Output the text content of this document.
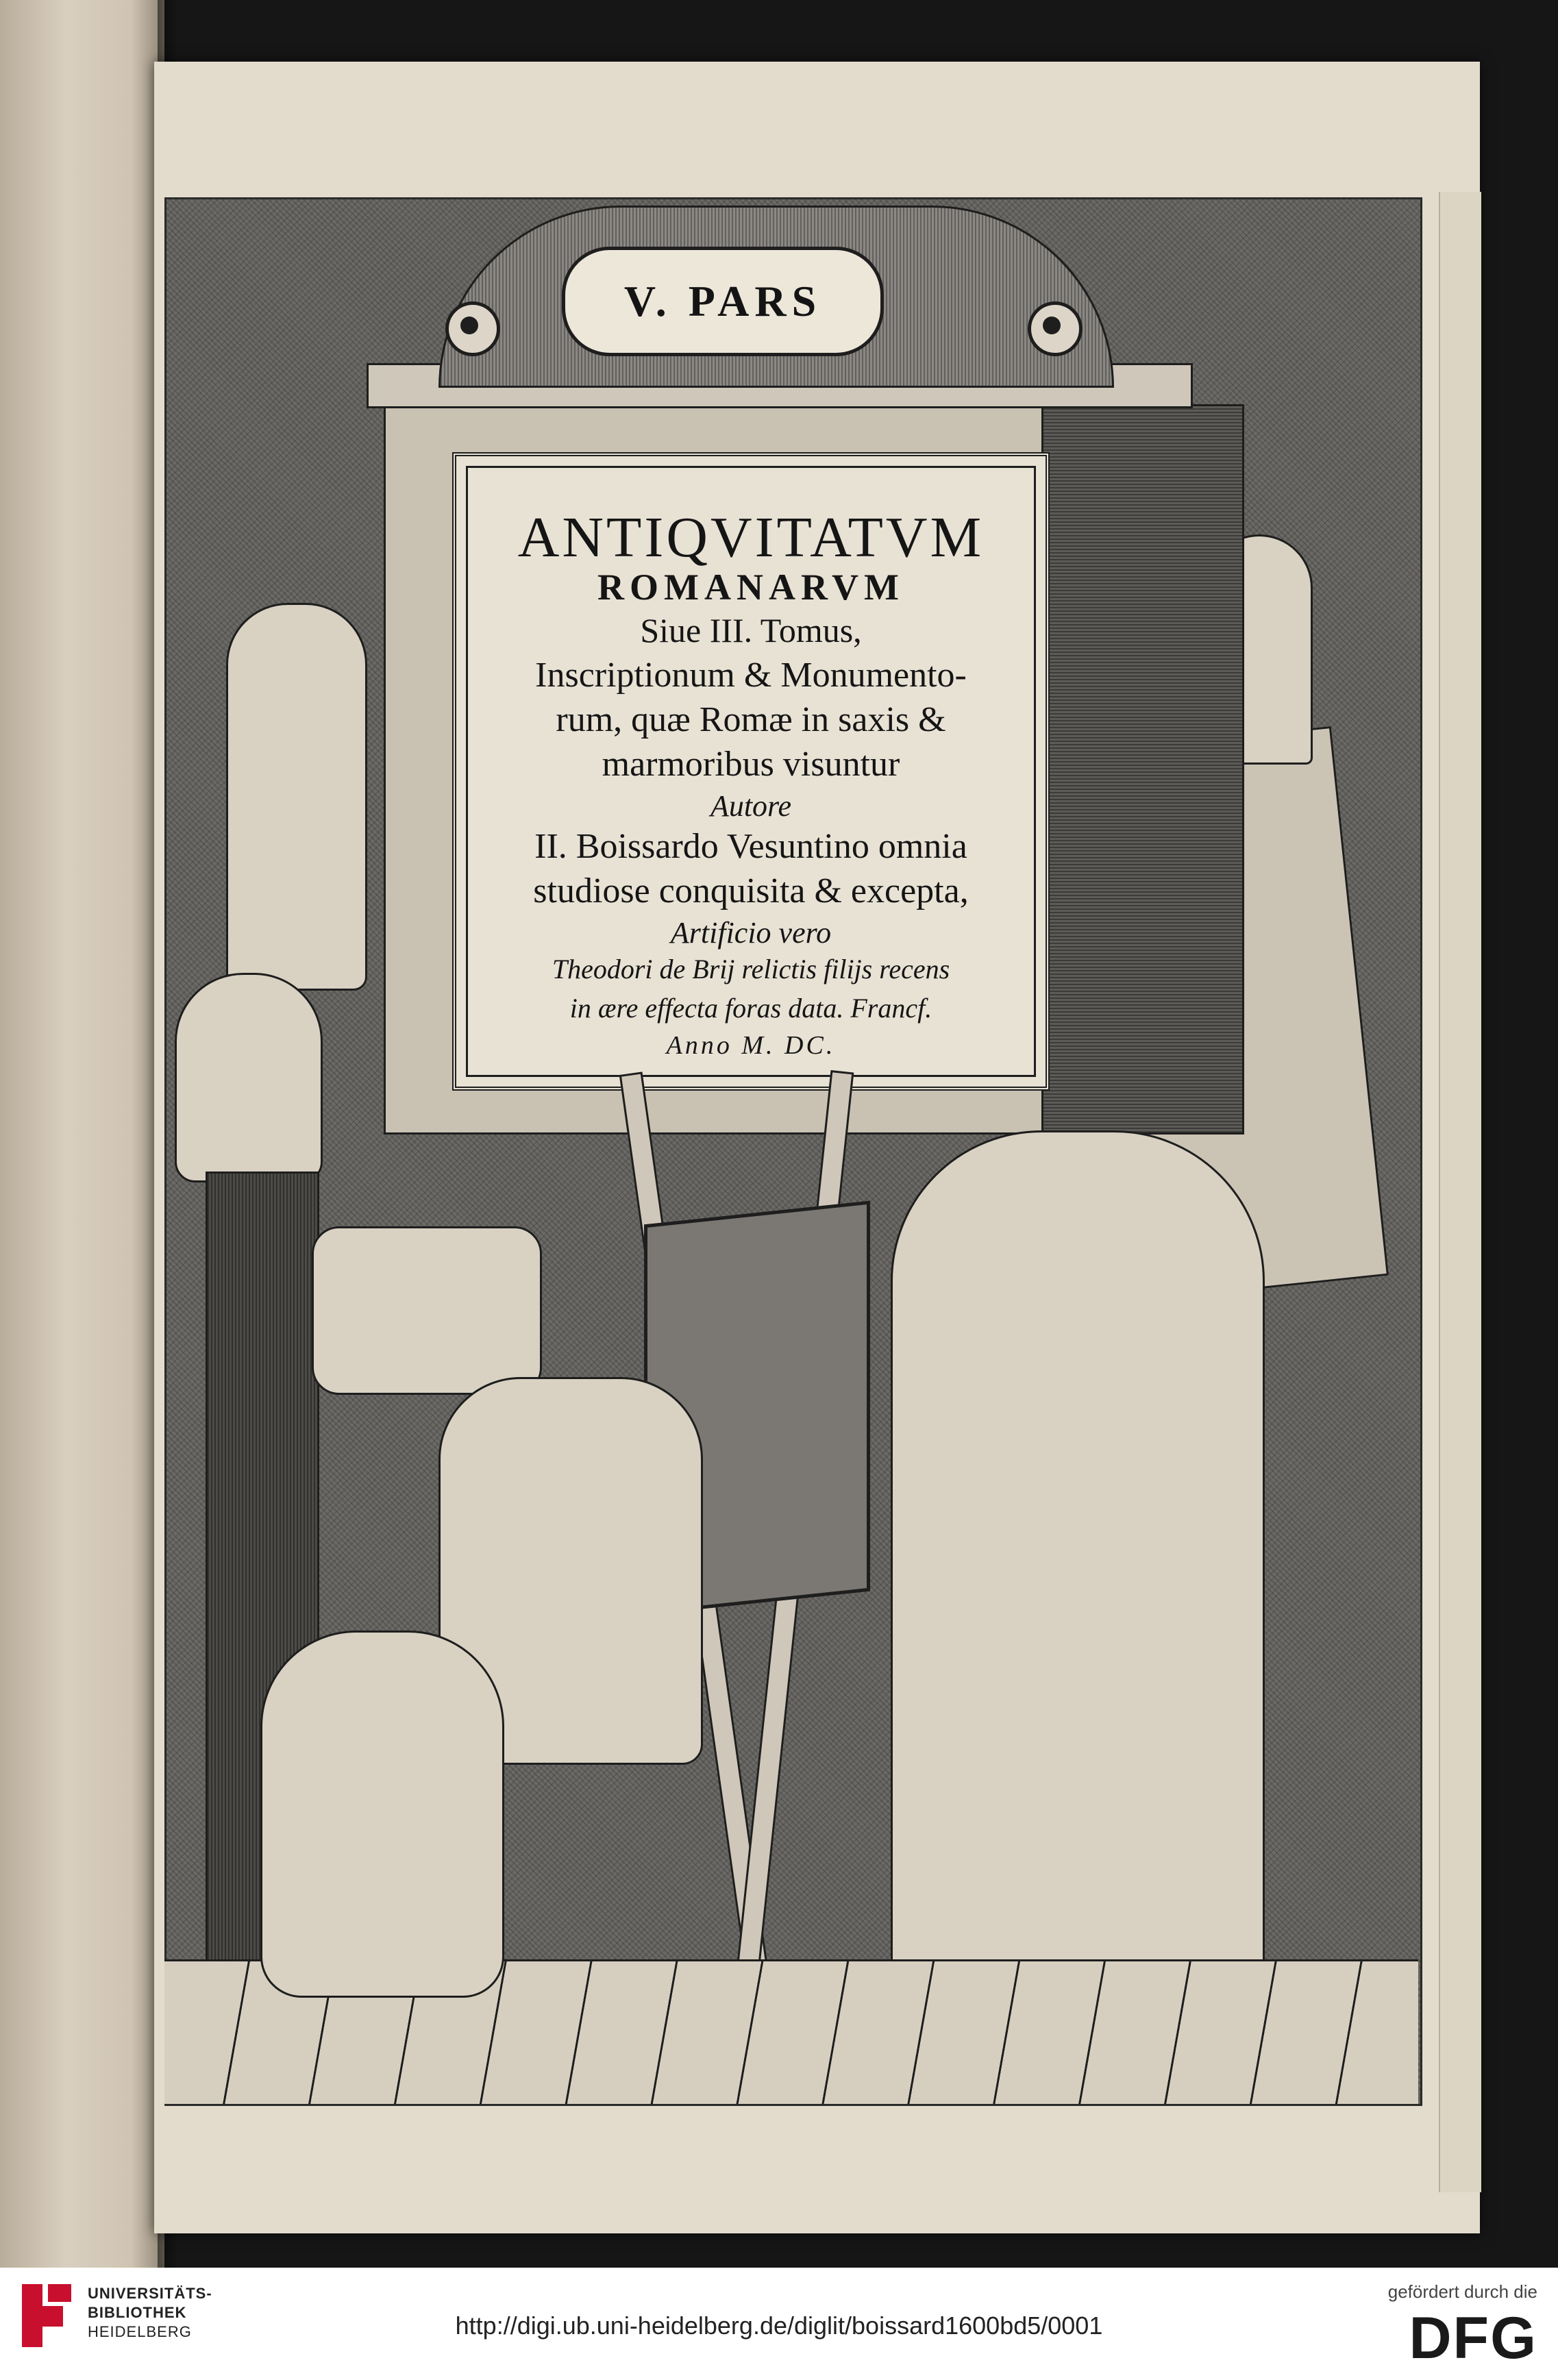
V. PARS
ANTIQVITATVM
ROMANARVM
Siue III. Tomus,
Inscriptionum & Monumento-
rum, quæ Romæ in saxis &
marmoribus visuntur
Autore
II. Boissardo Vesuntino omnia
studiose conquisita & excepta,
Artificio vero
Theodori de Brij relictis filijs recens
in ære effecta foras data. Francf.
Anno M. DC.
UNIVERSITÄTS-
BIBLIOTHEK
HEIDELBERG	http://digi.ub.uni-heidelberg.de/diglit/boissard1600bd5/0001
gefördert durch die
DFG
